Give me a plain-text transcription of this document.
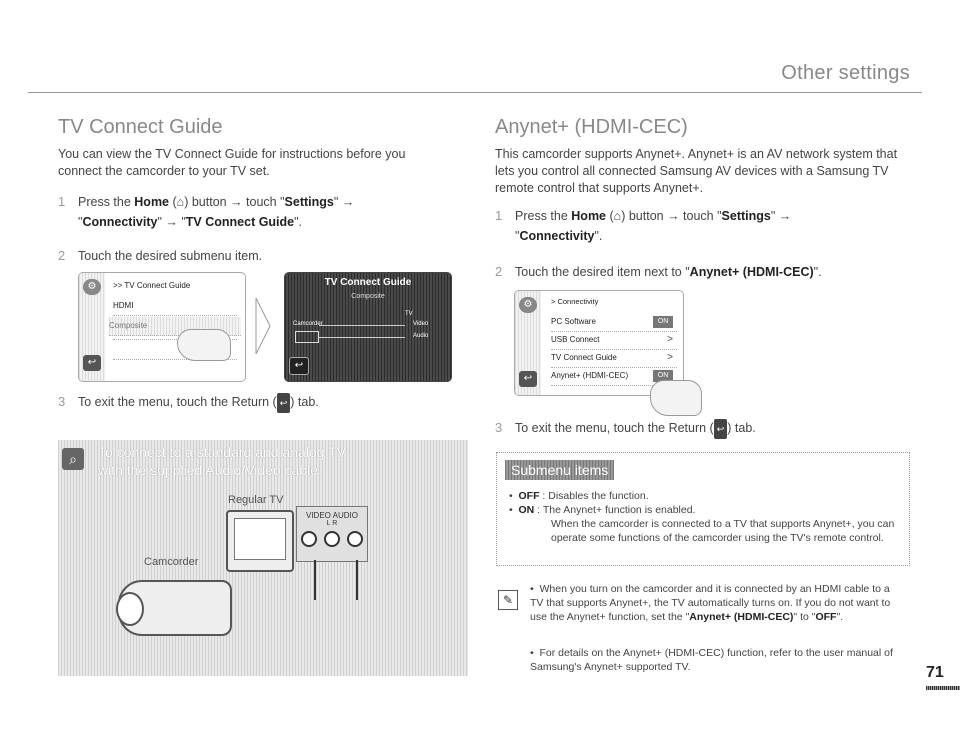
Other settings
TV Connect Guide
You can view the TV Connect Guide for instructions before you connect the camcorder to your TV set.
1 Press the Home (⌂) button → touch "Settings" →
"Connectivity" → "TV Connect Guide".
2 Touch the desired submenu item.
⚙
↩
>> TV Connect Guide
HDMI
Composite
TV Connect Guide
Composite
Camcorder
TV
Video
Audio
↩
3 To exit the menu, touch the Return ( ↩ ) tab.
⌕	To connect to a standard and analog TV
with the supplied Audio/Video cable.
Regular TV
VIDEO AUDIO
L R
Camcorder
Anynet+ (HDMI-CEC)
This camcorder supports Anynet+. Anynet+ is an AV network system that lets you control all connected Samsung AV devices with a Samsung TV remote control that supports Anynet+.
1 Press the Home (⌂) button → touch "Settings" →
"Connectivity".
2 Touch the desired item next to "Anynet+ (HDMI-CEC)".
⚙
↩
> Connectivity
PC Software	ON
USB Connect	>
TV Connect Guide	>
Anynet+ (HDMI-CEC)	ON
3 To exit the menu, touch the Return ( ↩ ) tab.
Submenu items
•  OFF : Disables the function.
•  ON : The Anynet+ function is enabled.
When the camcorder is connected to a TV that supports Anynet+, you can operate some functions of the camcorder using the TV's remote control.
✎
•  When you turn on the camcorder and it is connected by an HDMI cable to a TV that supports Anynet+, the TV automatically turns on. If you do not want to use the Anynet+ function, set the "Anynet+ (HDMI-CEC)" to "OFF".
•  For details on the Anynet+ (HDMI-CEC) function, refer to the user manual of Samsung's Anynet+ supported TV.	71
